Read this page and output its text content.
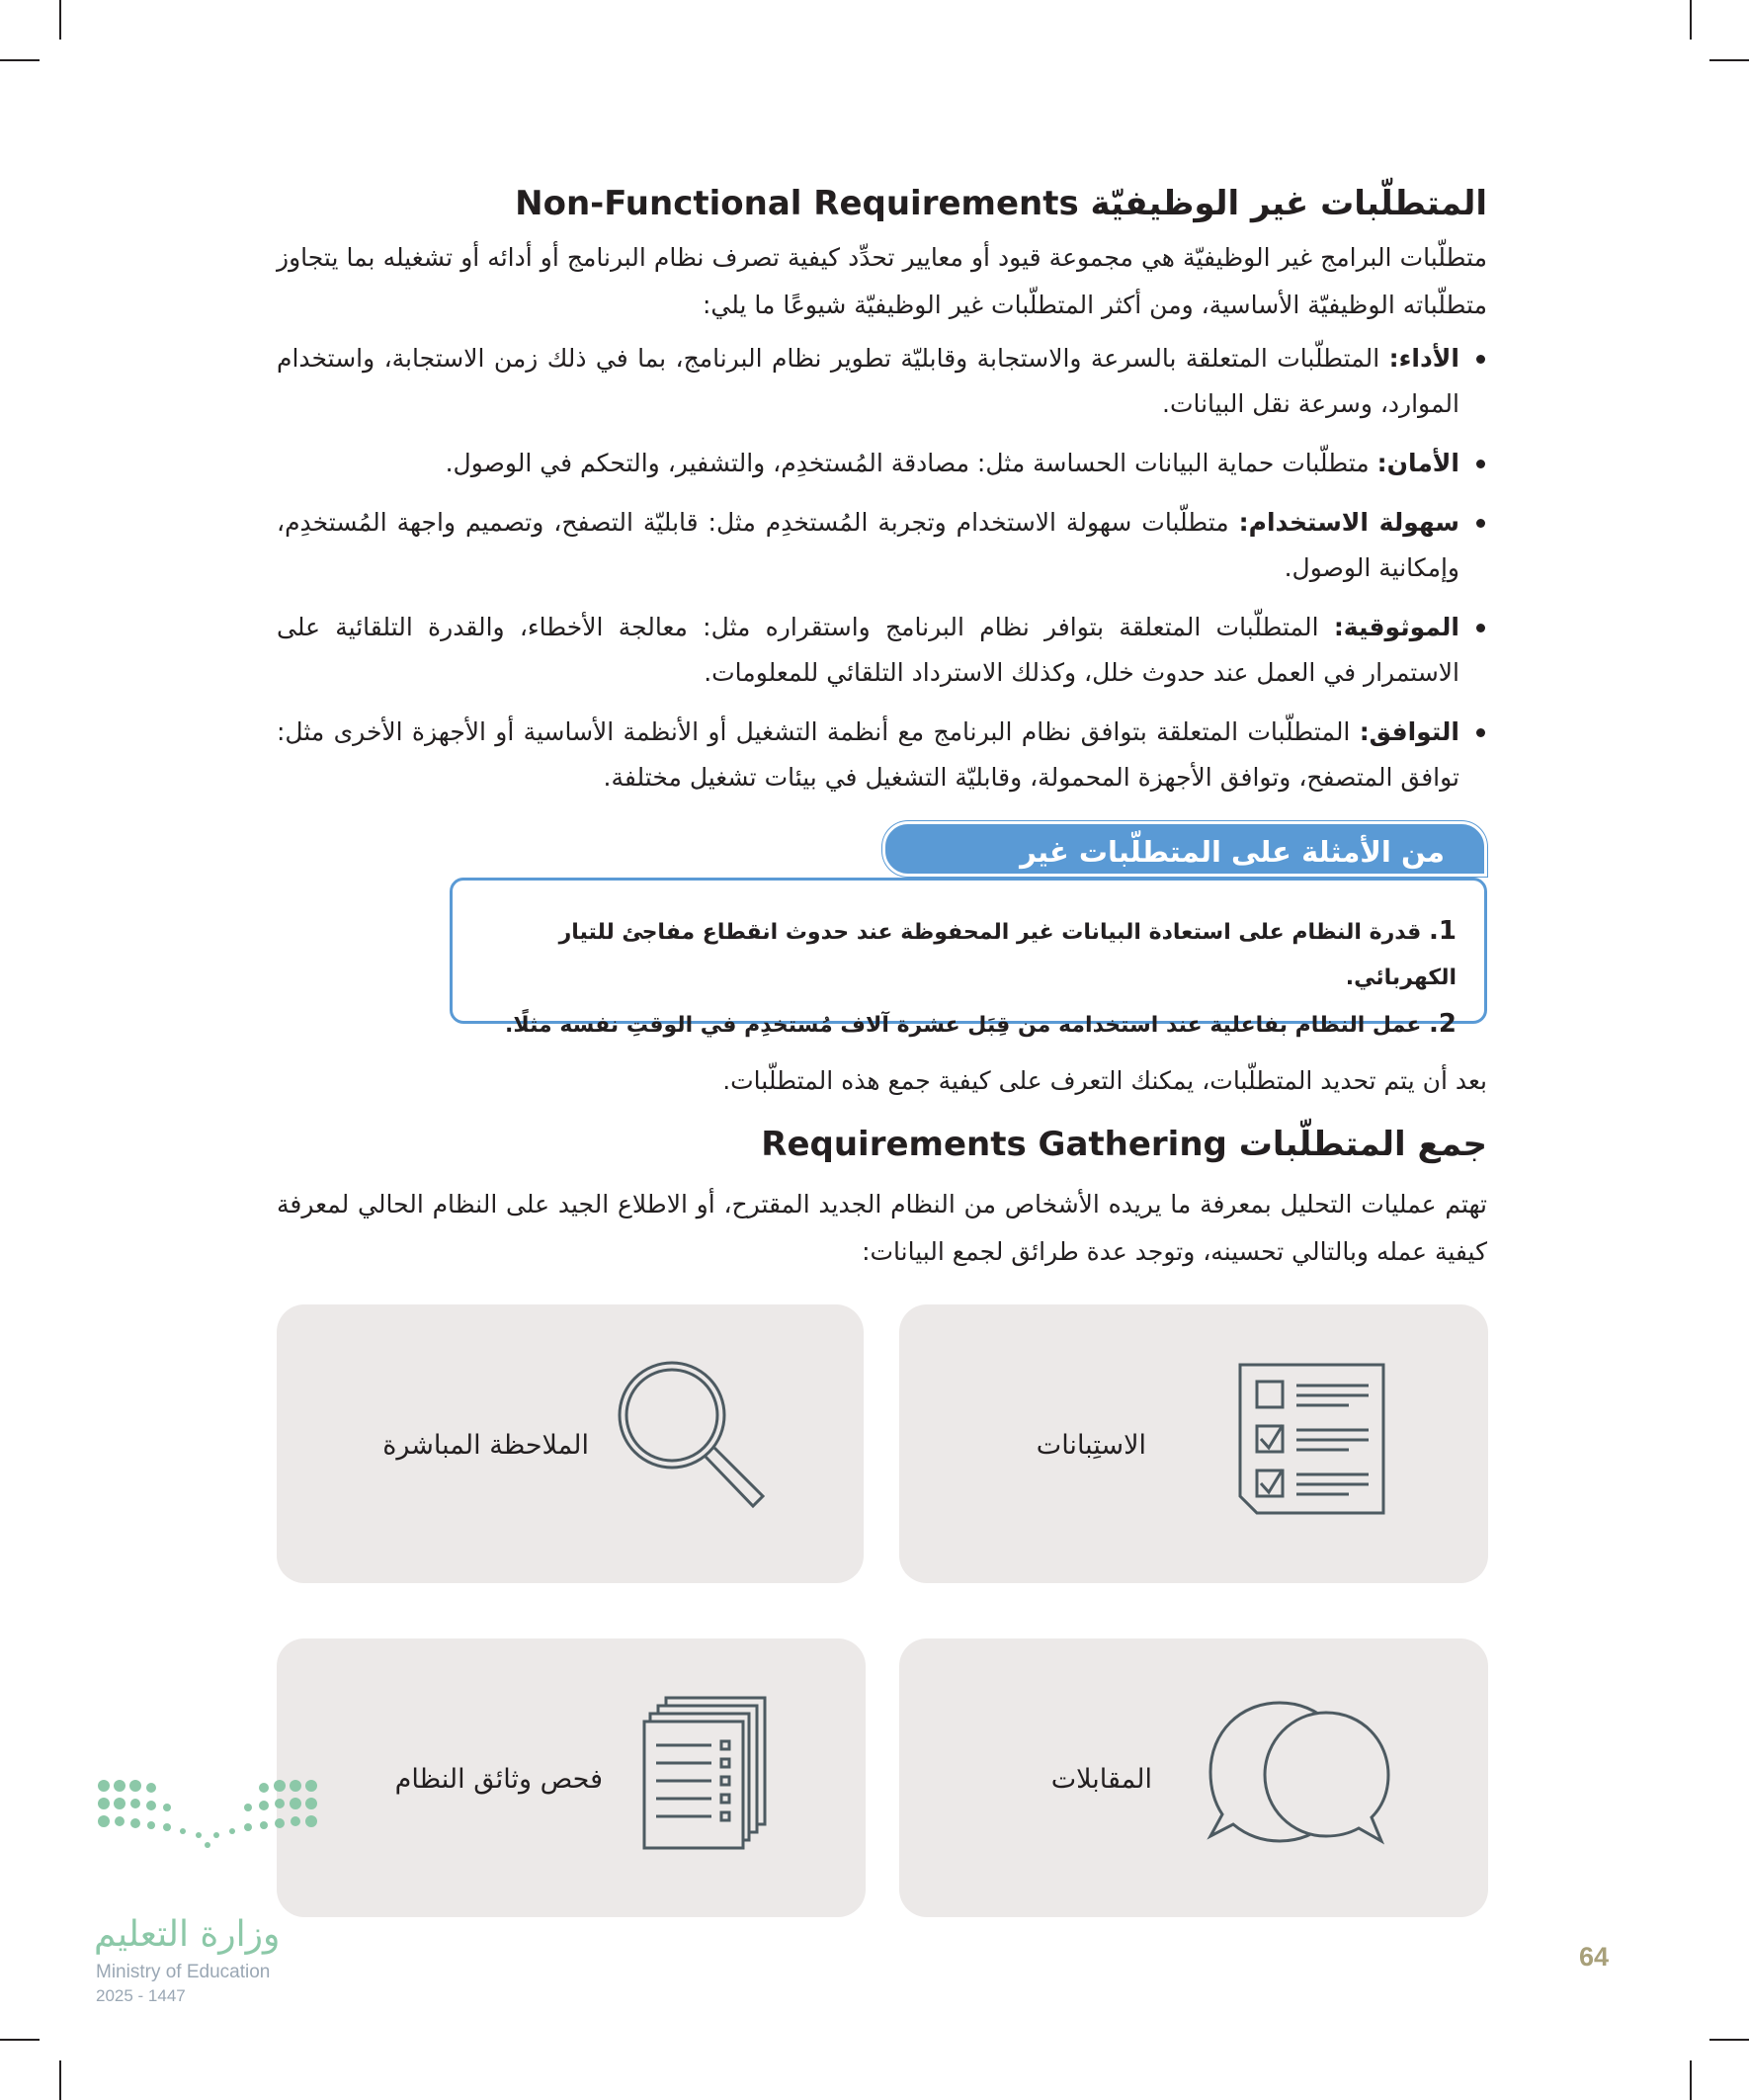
المتطلّبات غير الوظيفيّة Non-Functional Requirements

متطلّبات البرامج غير الوظيفيّة هي مجموعة قيود أو معايير تحدِّد كيفية تصرف نظام البرنامج أو أدائه أو تشغيله بما يتجاوز متطلّباته الوظيفيّة الأساسية، ومن أكثر المتطلّبات غير الوظيفيّة شيوعًا ما يلي:

الأداء: المتطلّبات المتعلقة بالسرعة والاستجابة وقابليّة تطوير نظام البرنامج، بما في ذلك زمن الاستجابة، واستخدام الموارد، وسرعة نقل البيانات.
الأمان: متطلّبات حماية البيانات الحساسة مثل: مصادقة المُستخدِم، والتشفير، والتحكم في الوصول.
سهولة الاستخدام: متطلّبات سهولة الاستخدام وتجربة المُستخدِم مثل: قابليّة التصفح، وتصميم واجهة المُستخدِم، وإمكانية الوصول.
الموثوقية: المتطلّبات المتعلقة بتوافر نظام البرنامج واستقراره مثل: معالجة الأخطاء، والقدرة التلقائية على الاستمرار في العمل عند حدوث خلل، وكذلك الاسترداد التلقائي للمعلومات.
التوافق: المتطلّبات المتعلقة بتوافق نظام البرنامج مع أنظمة التشغيل أو الأنظمة الأساسية أو الأجهزة الأخرى مثل: توافق المتصفح، وتوافق الأجهزة المحمولة، وقابليّة التشغيل في بيئات تشغيل مختلفة.
من الأمثلة على المتطلّبات غير الوظيفيّة :
1. قدرة النظام على استعادة البيانات غير المحفوظة عند حدوث انقطاع مفاجئ للتيار الكهربائي.
2. عمل النظام بفاعلية عند استخدامه من قِبَل عشرة آلاف مُستخدِم في الوقتِ نفسه مثلًا.

بعد أن يتم تحديد المتطلّبات، يمكنك التعرف على كيفية جمع هذه المتطلّبات.

جمع المتطلّبات Requirements Gathering

تهتم عمليات التحليل بمعرفة ما يريده الأشخاص من النظام الجديد المقترح، أو الاطلاع الجيد على النظام الحالي لمعرفة كيفية عمله وبالتالي تحسينه، وتوجد عدة طرائق لجمع البيانات:

الاستِبانات
الملاحظة المباشرة
المقابلات
فحص وثائق النظام
وزارة التعليم
Ministry of Education
2025 - 1447
64
